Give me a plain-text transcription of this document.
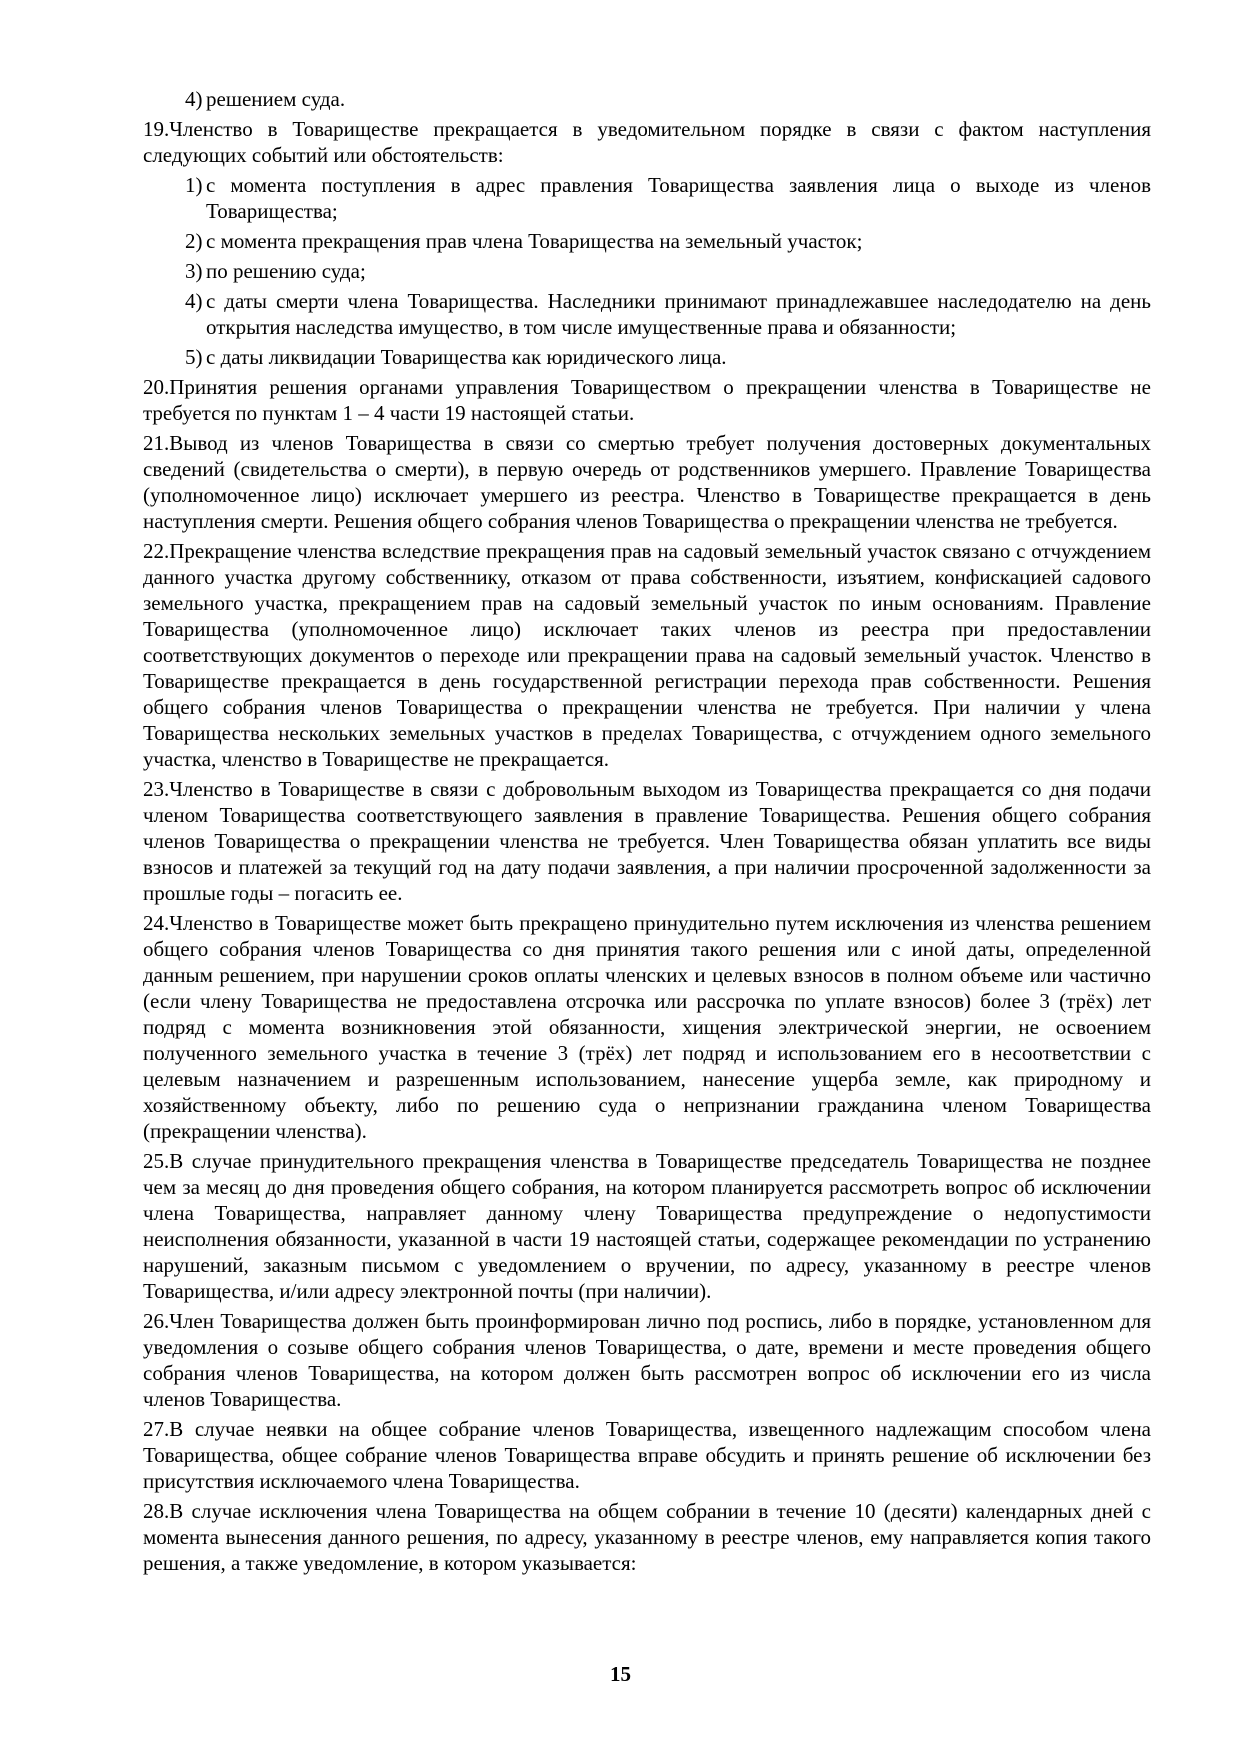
4) решением суда.

19.Членство в Товариществе прекращается в уведомительном порядке в связи с фактом наступления следующих событий или обстоятельств:

1) с момента поступления в адрес правления Товарищества заявления лица о выходе из членов Товарищества;
2) с момента прекращения прав члена Товарищества на земельный участок;
3) по решению суда;
4) с даты смерти члена Товарищества. Наследники принимают принадлежавшее наследодателю на день открытия наследства имущество, в том числе имущественные права и обязанности;
5) с даты ликвидации Товарищества как юридического лица.

20.Принятия решения органами управления Товариществом о прекращении членства в Товариществе не требуется по пунктам 1 – 4 части 19 настоящей статьи.

21.Вывод из членов Товарищества в связи со смертью требует получения достоверных документальных сведений (свидетельства о смерти), в первую очередь от родственников умершего. Правление Товарищества (уполномоченное лицо) исключает умершего из реестра. Членство в Товариществе прекращается в день наступления смерти. Решения общего собрания членов Товарищества о прекращении членства не требуется.

22.Прекращение членства вследствие прекращения прав на садовый земельный участок связано с отчуждением данного участка другому собственнику, отказом от права собственности, изъятием, конфискацией садового земельного участка, прекращением прав на садовый земельный участок по иным основаниям. Правление Товарищества (уполномоченное лицо) исключает таких членов из реестра при предоставлении соответствующих документов о переходе или прекращении права на садовый земельный участок. Членство в Товариществе прекращается в день государственной регистрации перехода прав собственности. Решения общего собрания членов Товарищества о прекращении членства не требуется. При наличии у члена Товарищества нескольких земельных участков в пределах Товарищества, с отчуждением одного земельного участка, членство в Товариществе не прекращается.

23.Членство в Товариществе в связи с добровольным выходом из Товарищества прекращается со дня подачи членом Товарищества соответствующего заявления в правление Товарищества. Решения общего собрания членов Товарищества о прекращении членства не требуется. Член Товарищества обязан уплатить все виды взносов и платежей за текущий год на дату подачи заявления, а при наличии просроченной задолженности за прошлые годы – погасить ее.

24.Членство в Товариществе может быть прекращено принудительно путем исключения из членства решением общего собрания членов Товарищества со дня принятия такого решения или с иной даты, определенной данным решением, при нарушении сроков оплаты членских и целевых взносов в полном объеме или частично (если члену Товарищества не предоставлена отсрочка или рассрочка по уплате взносов) более 3 (трёх) лет подряд с момента возникновения этой обязанности, хищения электрической энергии, не освоением полученного земельного участка в течение 3 (трёх) лет подряд и использованием его в несоответствии с целевым назначением и разрешенным использованием, нанесение ущерба земле, как природному и хозяйственному объекту, либо по решению суда о непризнании гражданина членом Товарищества (прекращении членства).

25.В случае принудительного прекращения членства в Товариществе председатель Товарищества не позднее чем за месяц до дня проведения общего собрания, на котором планируется рассмотреть вопрос об исключении члена Товарищества, направляет данному члену Товарищества предупреждение о недопустимости неисполнения обязанности, указанной в части 19 настоящей статьи, содержащее рекомендации по устранению нарушений, заказным письмом с уведомлением о вручении, по адресу, указанному в реестре членов Товарищества, и/или адресу электронной почты (при наличии).

26.Член Товарищества должен быть проинформирован лично под роспись, либо в порядке, установленном для уведомления о созыве общего собрания членов Товарищества, о дате, времени и месте проведения общего собрания членов Товарищества, на котором должен быть рассмотрен вопрос об исключении его из числа членов Товарищества.

27.В случае неявки на общее собрание членов Товарищества, извещенного надлежащим способом члена Товарищества, общее собрание членов Товарищества вправе обсудить и принять решение об исключении без присутствия исключаемого члена Товарищества.

28.В случае исключения члена Товарищества на общем собрании в течение 10 (десяти) календарных дней с момента вынесения данного решения, по адресу, указанному в реестре членов, ему направляется копия такого решения, а также уведомление, в котором указывается:

15
